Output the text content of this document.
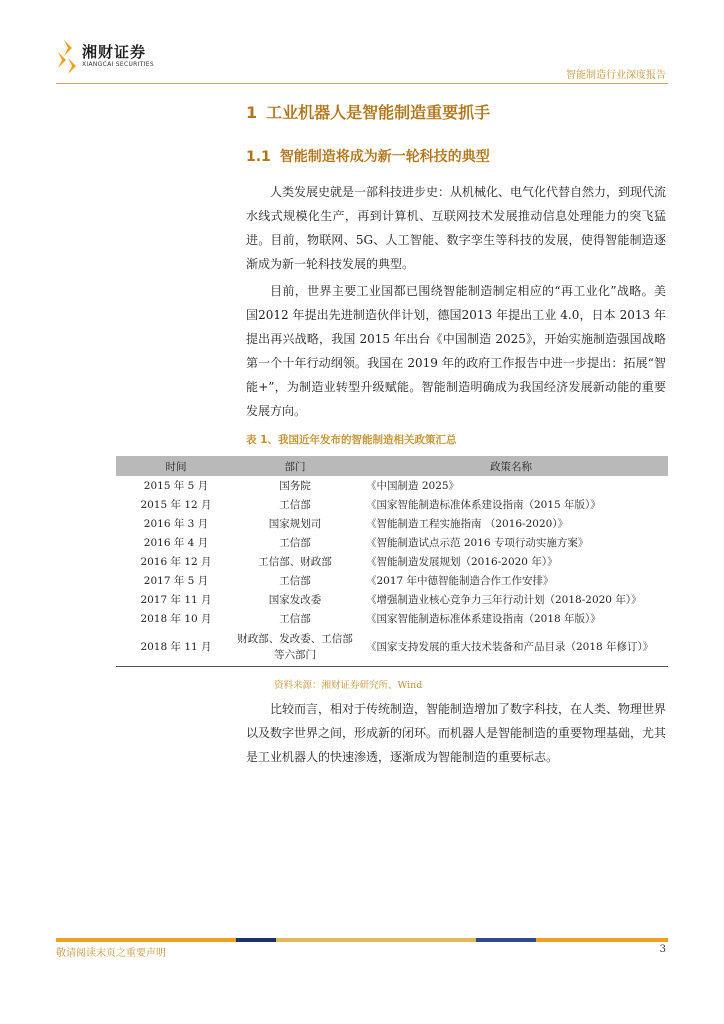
湘财证券
XIANGCAI SECURITIES
智能制造行业深度报告
1 工业机器人是智能制造重要抓手
1.1 智能制造将成为新一轮科技的典型

人类发展史就是一部科技进步史：从机械化、电气化代替自然力，到现代流水线式规模化生产，再到计算机、互联网技术发展推动信息处理能力的突飞猛进。目前，物联网、5G、人工智能、数字孪生等科技的发展，使得智能制造逐渐成为新一轮科技发展的典型。

目前，世界主要工业国都已围绕智能制造制定相应的“再工业化”战略。美国2012 年提出先进制造伙伴计划，德国2013 年提出工业 4.0，日本 2013 年提出再兴战略，我国 2015 年出台《中国制造 2025》，开始实施制造强国战略第一个十年行动纲领。我国在 2019 年的政府工作报告中进一步提出：拓展“智能+”，为制造业转型升级赋能。智能制造明确成为我国经济发展新动能的重要发展方向。

表 1、我国近年发布的智能制造相关政策汇总
时间	部门	政策名称
2015 年 5 月	国务院	《中国制造 2025》
2015 年 12 月	工信部	《国家智能制造标准体系建设指南（2015 年版）》
2016 年 3 月	国家规划司	《智能制造工程实施指南 （2016-2020）》
2016 年 4 月	工信部	《智能制造试点示范 2016 专项行动实施方案》
2016 年 12 月	工信部、财政部	《智能制造发展规划（2016-2020 年）》
2017 年 5 月	工信部	《2017 年中德智能制造合作工作安排》
2017 年 11 月	国家发改委	《增强制造业核心竞争力三年行动计划（2018-2020 年）》
2018 年 10 月	工信部	《国家智能制造标准体系建设指南（2018 年版）》
2018 年 11 月	财政部、发改委、工信部等六部门	《国家支持发展的重大技术装备和产品目录（2018 年修订）》
资料来源：湘财证券研究所、Wind

比较而言，相对于传统制造，智能制造增加了数字科技，在人类、物理世界以及数字世界之间，形成新的闭环。而机器人是智能制造的重要物理基础，尤其是工业机器人的快速渗透，逐渐成为智能制造的重要标志。

敬请阅读末页之重要声明	3
